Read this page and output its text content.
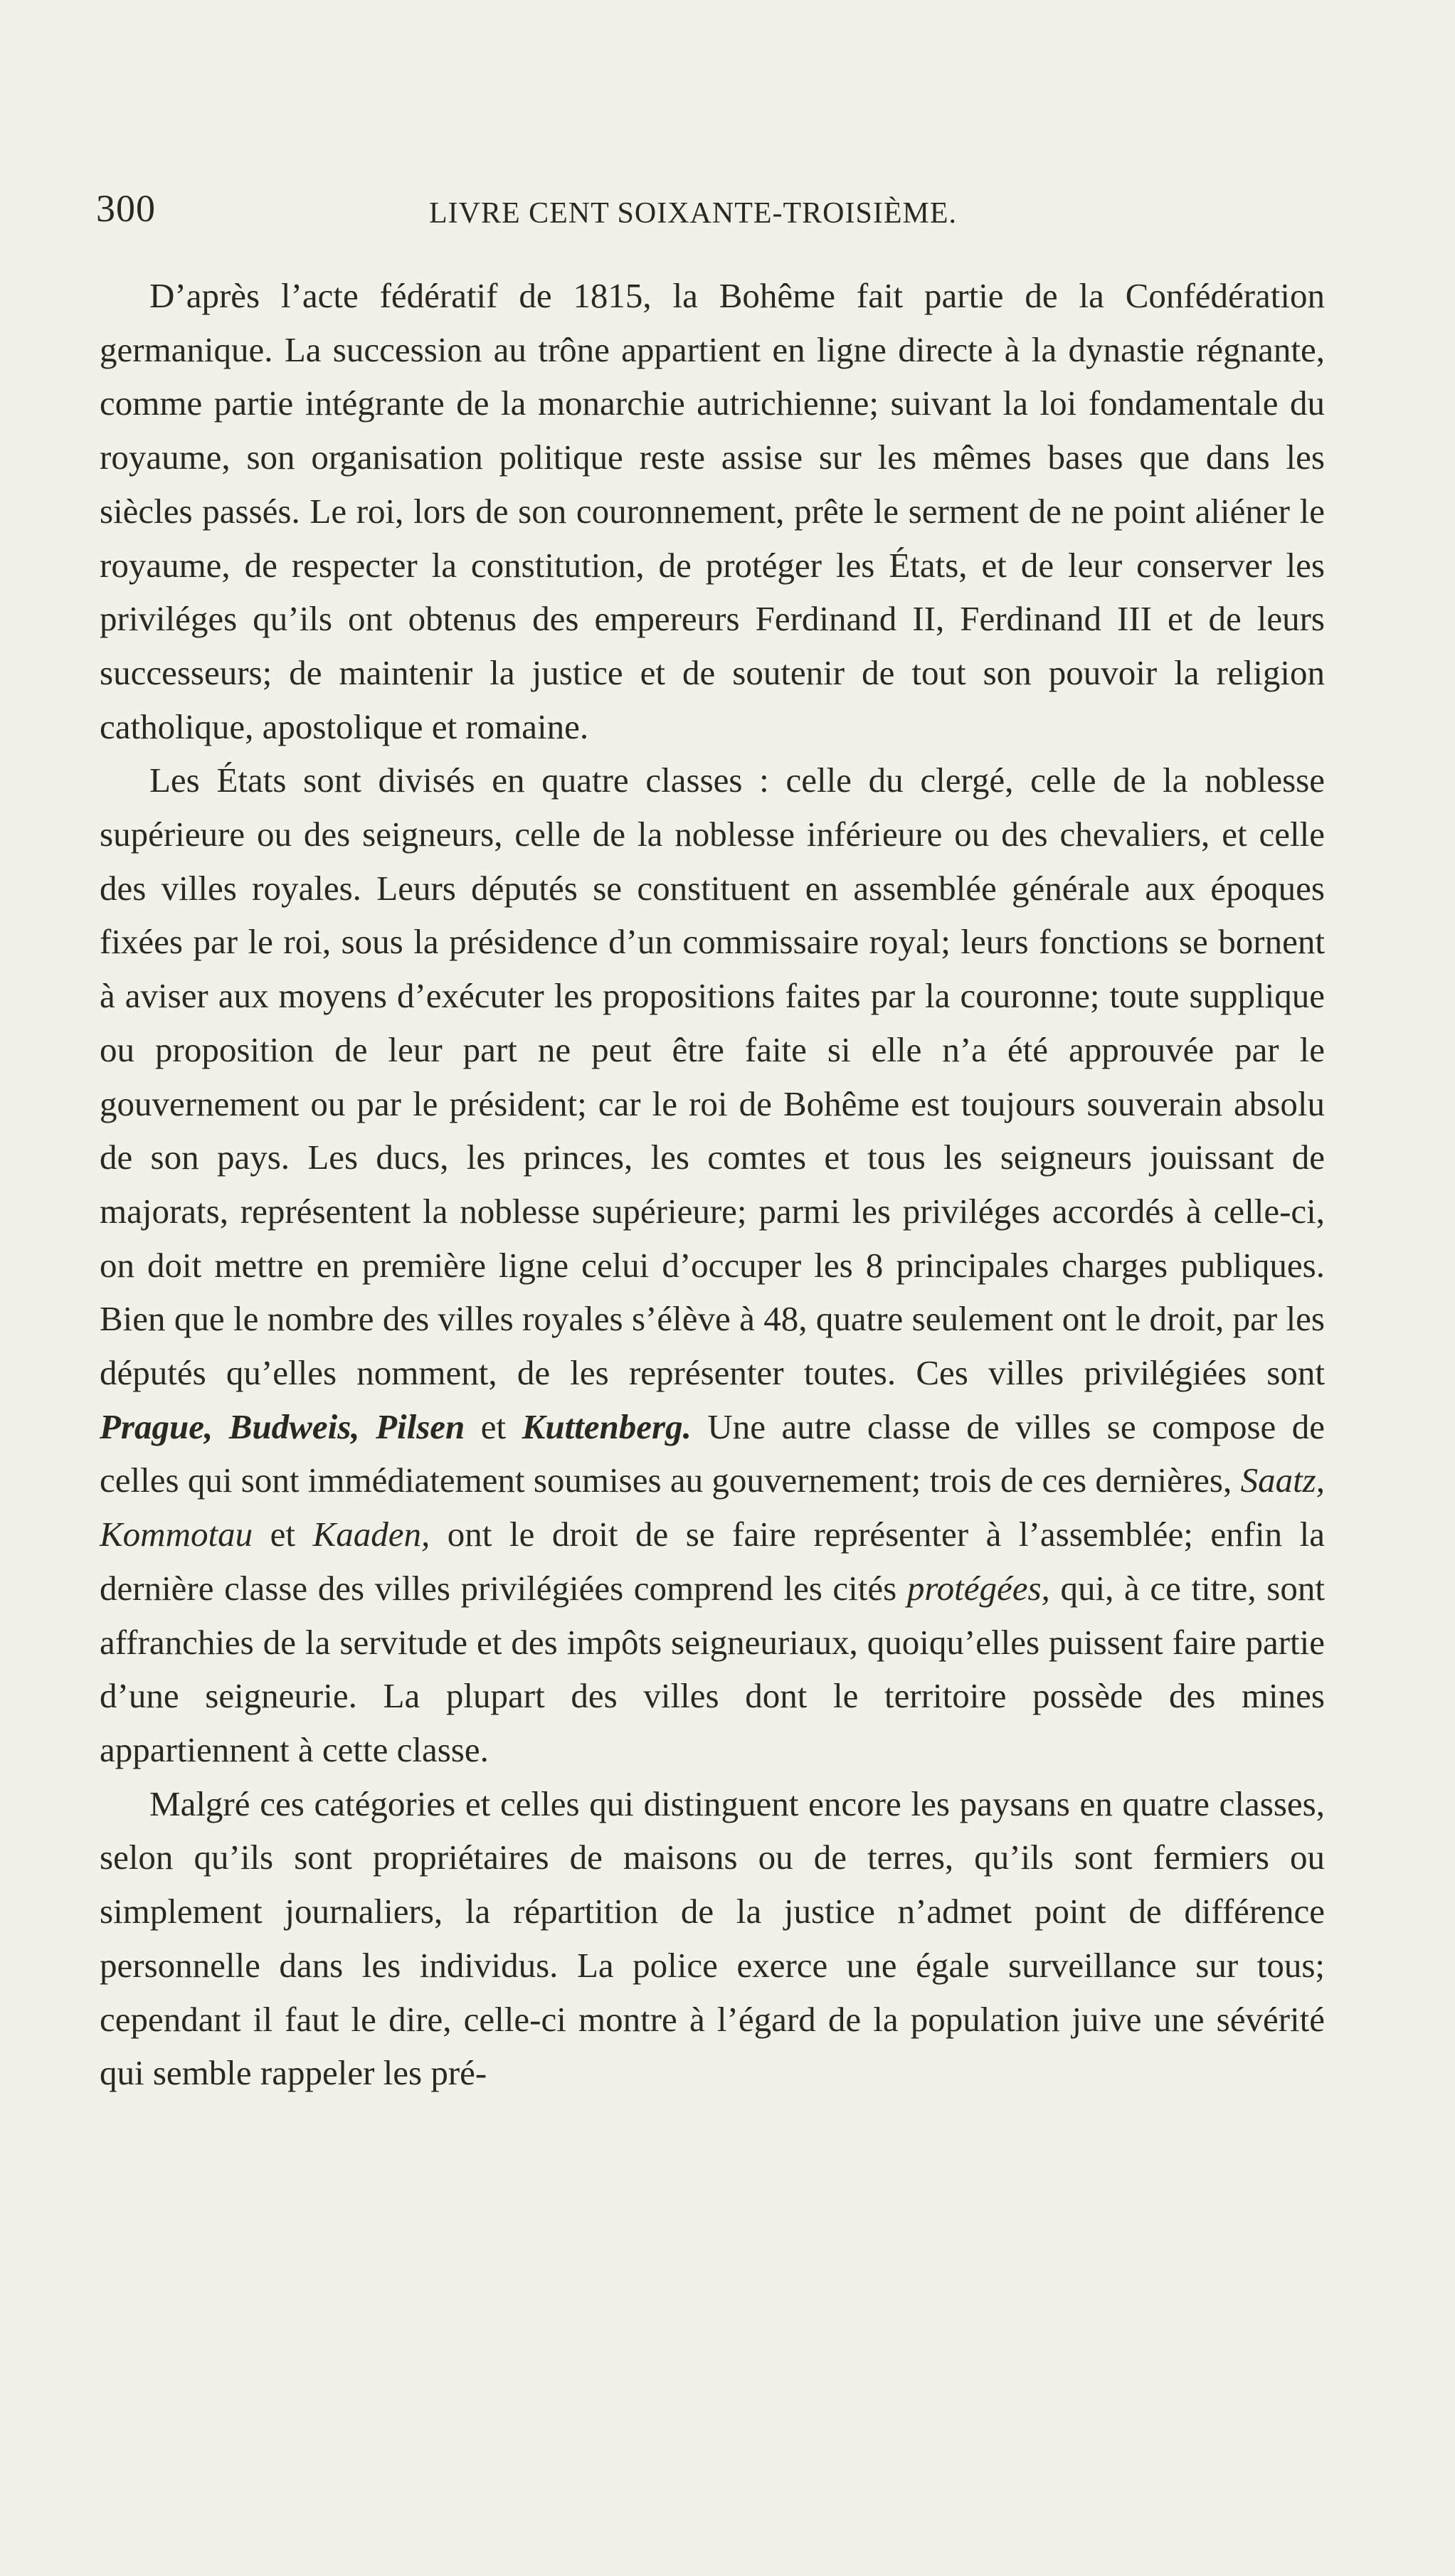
300	LIVRE CENT SOIXANTE-TROISIÈME.

D’après l’acte fédératif de 1815, la Bohême fait partie de la Confédération germanique. La succession au trône appartient en ligne directe à la dynastie régnante, comme partie intégrante de la monarchie autrichienne; suivant la loi fondamentale du royaume, son organisation politique reste assise sur les mêmes bases que dans les siècles passés. Le roi, lors de son couronnement, prête le serment de ne point aliéner le royaume, de respecter la constitution, de protéger les États, et de leur conserver les priviléges qu’ils ont obtenus des empereurs Ferdinand II, Ferdinand III et de leurs successeurs; de maintenir la justice et de soutenir de tout son pouvoir la religion catholique, apostolique et romaine.

Les États sont divisés en quatre classes : celle du clergé, celle de la noblesse supérieure ou des seigneurs, celle de la noblesse inférieure ou des chevaliers, et celle des villes royales. Leurs députés se constituent en assemblée générale aux époques fixées par le roi, sous la présidence d’un commissaire royal; leurs fonctions se bornent à aviser aux moyens d’exécuter les propositions faites par la couronne; toute supplique ou proposition de leur part ne peut être faite si elle n’a été approuvée par le gouvernement ou par le président; car le roi de Bohême est toujours souverain absolu de son pays. Les ducs, les princes, les comtes et tous les seigneurs jouissant de majorats, représentent la noblesse supérieure; parmi les priviléges accordés à celle-ci, on doit mettre en première ligne celui d’occuper les 8 principales charges publiques. Bien que le nombre des villes royales s’élève à 48, quatre seulement ont le droit, par les députés qu’elles nomment, de les représenter toutes. Ces villes privilégiées sont Prague, Budweis, Pilsen et Kuttenberg. Une autre classe de villes se compose de celles qui sont immédiatement soumises au gouvernement; trois de ces dernières, Saatz, Kommotau et Kaaden, ont le droit de se faire représenter à l’assemblée; enfin la dernière classe des villes privilégiées comprend les cités protégées, qui, à ce titre, sont affranchies de la servitude et des impôts seigneuriaux, quoiqu’elles puissent faire partie d’une seigneurie. La plupart des villes dont le territoire possède des mines appartiennent à cette classe.

Malgré ces catégories et celles qui distinguent encore les paysans en quatre classes, selon qu’ils sont propriétaires de maisons ou de terres, qu’ils sont fermiers ou simplement journaliers, la répartition de la justice n’admet point de différence personnelle dans les individus. La police exerce une égale surveillance sur tous; cependant il faut le dire, celle-ci montre à l’égard de la population juive une sévérité qui semble rappeler les pré-
